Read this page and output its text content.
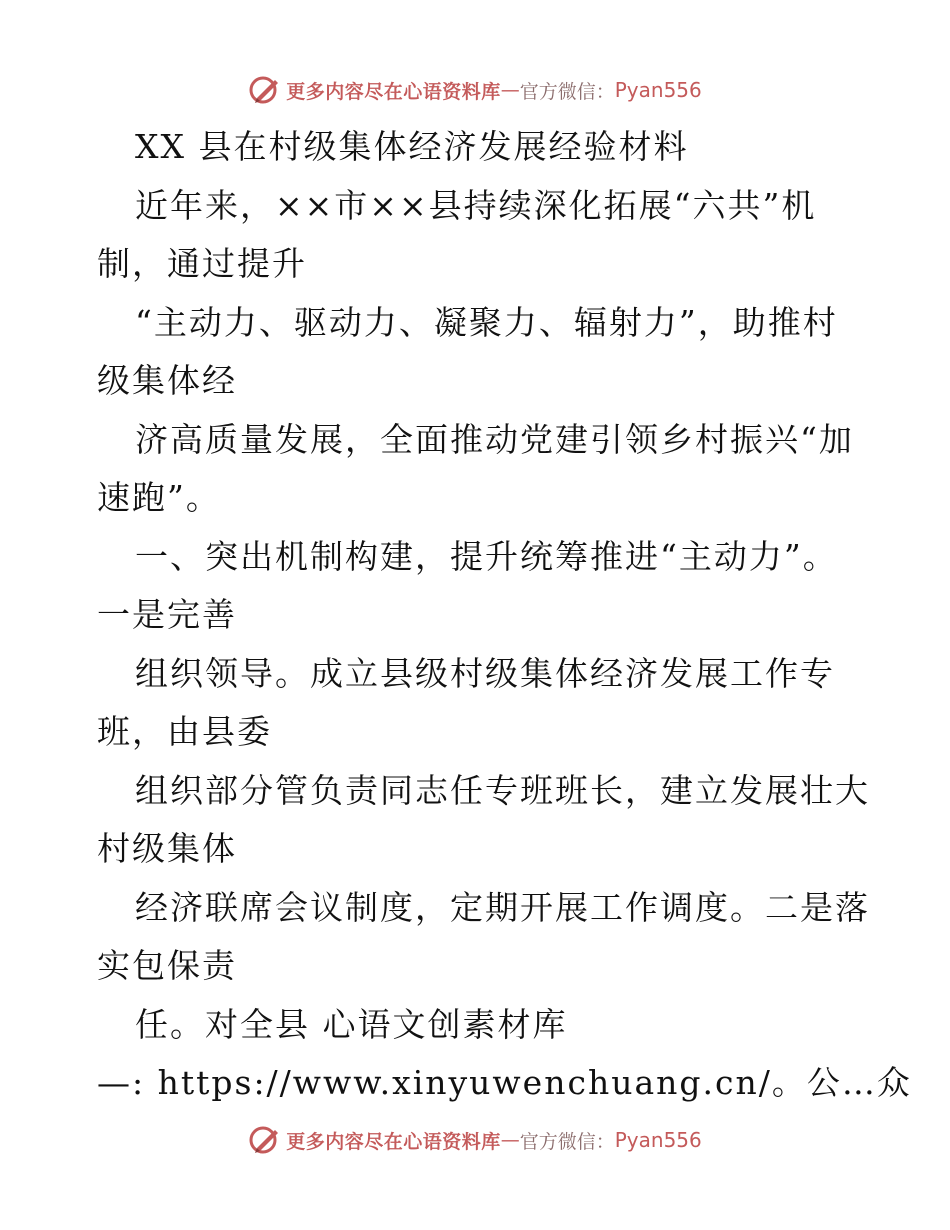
更多内容尽在心语资料库 — 官方微信： Pyan556
XX 县在村级集体经济发展经验材料
近年来，××市××县持续深化拓展“六共”机
制，通过提升
“主动力、驱动力、凝聚力、辐射力”，助推村
级集体经
济高质量发展，全面推动党建引领乡村振兴“加
速跑”。
一、突出机制构建，提升统筹推进“主动力”。
一是完善
组织领导。成立县级村级集体经济发展工作专
班，由县委
组织部分管负责同志任专班班长，建立发展壮大
村级集体
经济联席会议制度，定期开展工作调度。二是落
实包保责
任。对全县 心语文创素材库
—: https://www.xinyuwenchuang.cn/。公…众
更多内容尽在心语资料库 — 官方微信： Pyan556
